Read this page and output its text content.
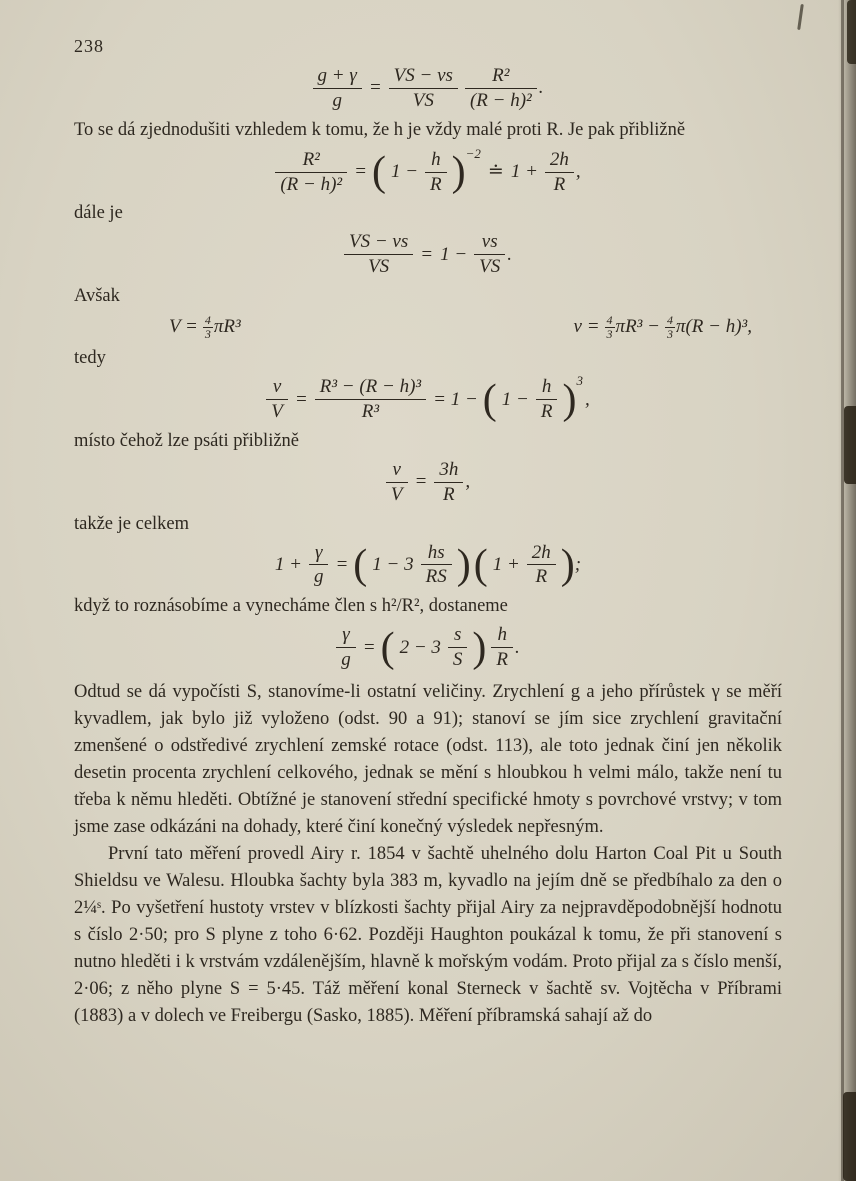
238
$\frac{g + \gamma}{g} = \frac{VS - vs}{VS} \frac{\text{R²}}{\text{(R − h)²}}$ .
To se dá zjednodušiti vzhledem k tomu, že h je vždy malé proti R. Je pak přibližně
$\frac{\text{R²}}{\text{(R − h)²}}$ = ( $1 - \frac{h}{R}$ ) −2
≐ $1 + \frac{2h}{R}$ ,
dále je
$\frac{VS - vs}{VS} = 1 - \frac{vs}{VS}$ .
Avšak
$V = \frac{4}{3} \pi R^3$	$v = \frac{4}{3} \pi R^3 - \frac{4}{3} \pi(R - h)^3$,
tedy
$\frac{v}{V} = \frac{\text{R³ − (R − h)³}}{\text{R³}} = 1$ − ( $1 - \frac{h}{R}$ ) 3
,
místo čehož lze psáti přibližně
$\frac{v}{V} = \frac{3h}{R}$ ,
takže je celkem
$1 + \frac{\gamma}{g}$ = ( $1 - 3 \frac{hs}{RS}$ ) ( $1 + \frac{2h}{R}$ ) ;
když to roznásobíme a vynecháme člen s h²/R², dostaneme
$\frac{\gamma}{g}$ = ( $2 - 3 \frac{s}{S}$ ) $\frac{h}{R}$ .
Odtud se dá vypočísti S, stanovíme-li ostatní veličiny. Zrychlení g a jeho přírůstek γ se měří kyvadlem, jak bylo již vyloženo (odst. 90 a 91); stanoví se jím sice zrychlení gravitační zmenšené o odstředivé zrychlení zemské rotace (odst. 113), ale toto jednak činí jen několik desetin procenta zrychlení celkového, jednak se mění s hloubkou h velmi málo, takže není tu třeba k němu hleděti. Obtížné je stanovení střední specifické hmoty s povrchové vrstvy; v tom jsme zase odkázáni na dohady, které činí konečný výsledek nepřesným.
První tato měření provedl Airy r. 1854 v šachtě uhelného dolu Harton Coal Pit u South Shieldsu ve Walesu. Hloubka šachty byla 383 m, kyvadlo na jejím dně se předbíhalo za den o 2¼ˢ. Po vyšetření hustoty vrstev v blízkosti šachty přijal Airy za nejpravděpodobnější hodnotu s číslo 2·50; pro S plyne z toho 6·62. Později Haughton poukázal k tomu, že při stanovení s nutno hleděti i k vrstvám vzdálenějším, hlavně k mořským vodám. Proto přijal za s číslo menší, 2·06; z něho plyne S = 5·45. Táž měření konal Sterneck v šachtě sv. Vojtěcha v Příbrami (1883) a v dolech ve Freibergu (Sasko, 1885). Měření příbramská sahají až do
